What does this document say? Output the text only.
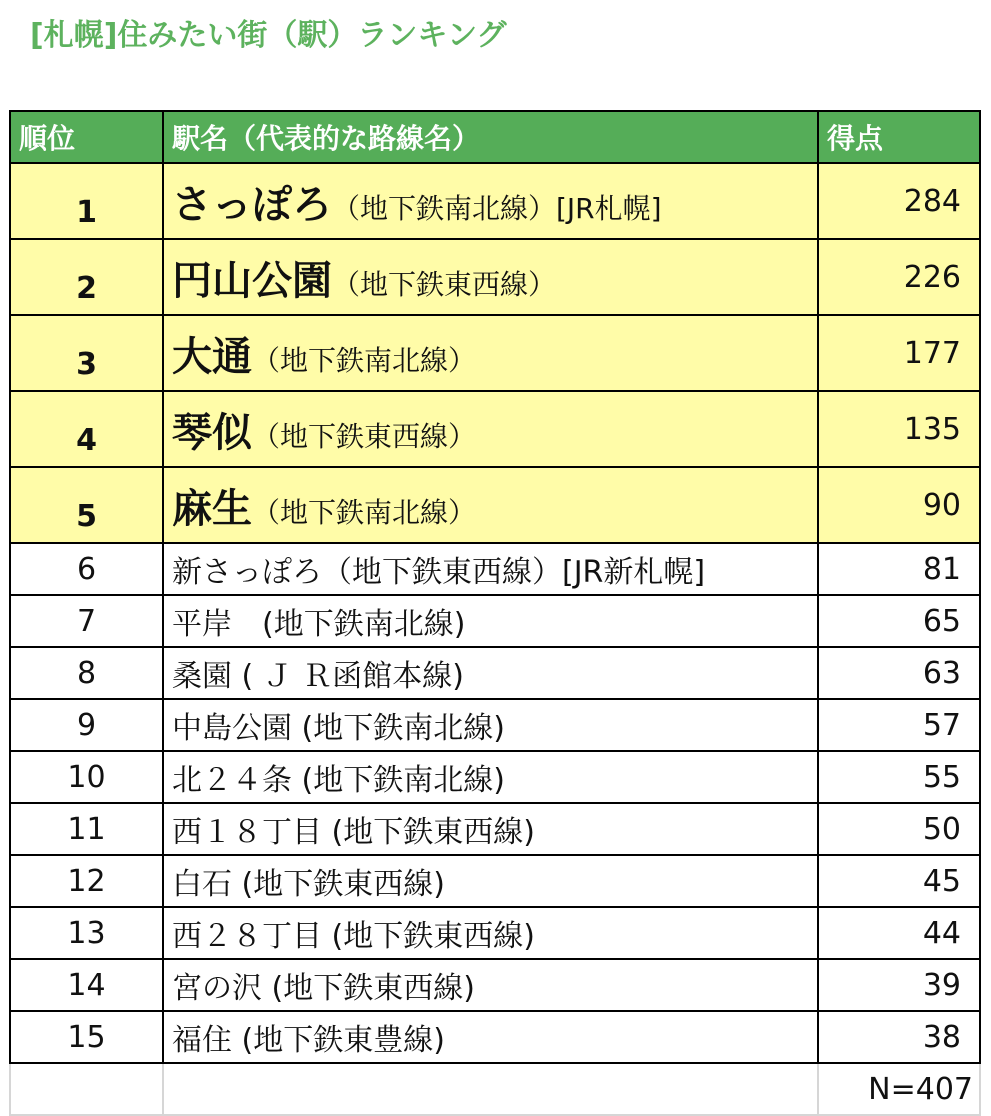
[札幌]住みたい街（駅）ランキング
順位	駅名（代表的な路線名）	得点
1	さっぽろ（地下鉄南北線）[JR札幌]	284
2	円山公園（地下鉄東西線）	226
3	大通（地下鉄南北線）	177
4	琴似（地下鉄東西線）	135
5	麻生（地下鉄南北線）	90
6	新さっぽろ（地下鉄東西線）[JR新札幌]	81
7	平岸　(地下鉄南北線)	65
8	桑園 ( Ｊ Ｒ函館本線)	63
9	中島公園 (地下鉄南北線)	57
10	北２４条 (地下鉄南北線)	55
11	西１８丁目 (地下鉄東西線)	50
12	白石 (地下鉄東西線)	45
13	西２８丁目 (地下鉄東西線)	44
14	宮の沢 (地下鉄東西線)	39
15	福住 (地下鉄東豊線)	38
		N=407
